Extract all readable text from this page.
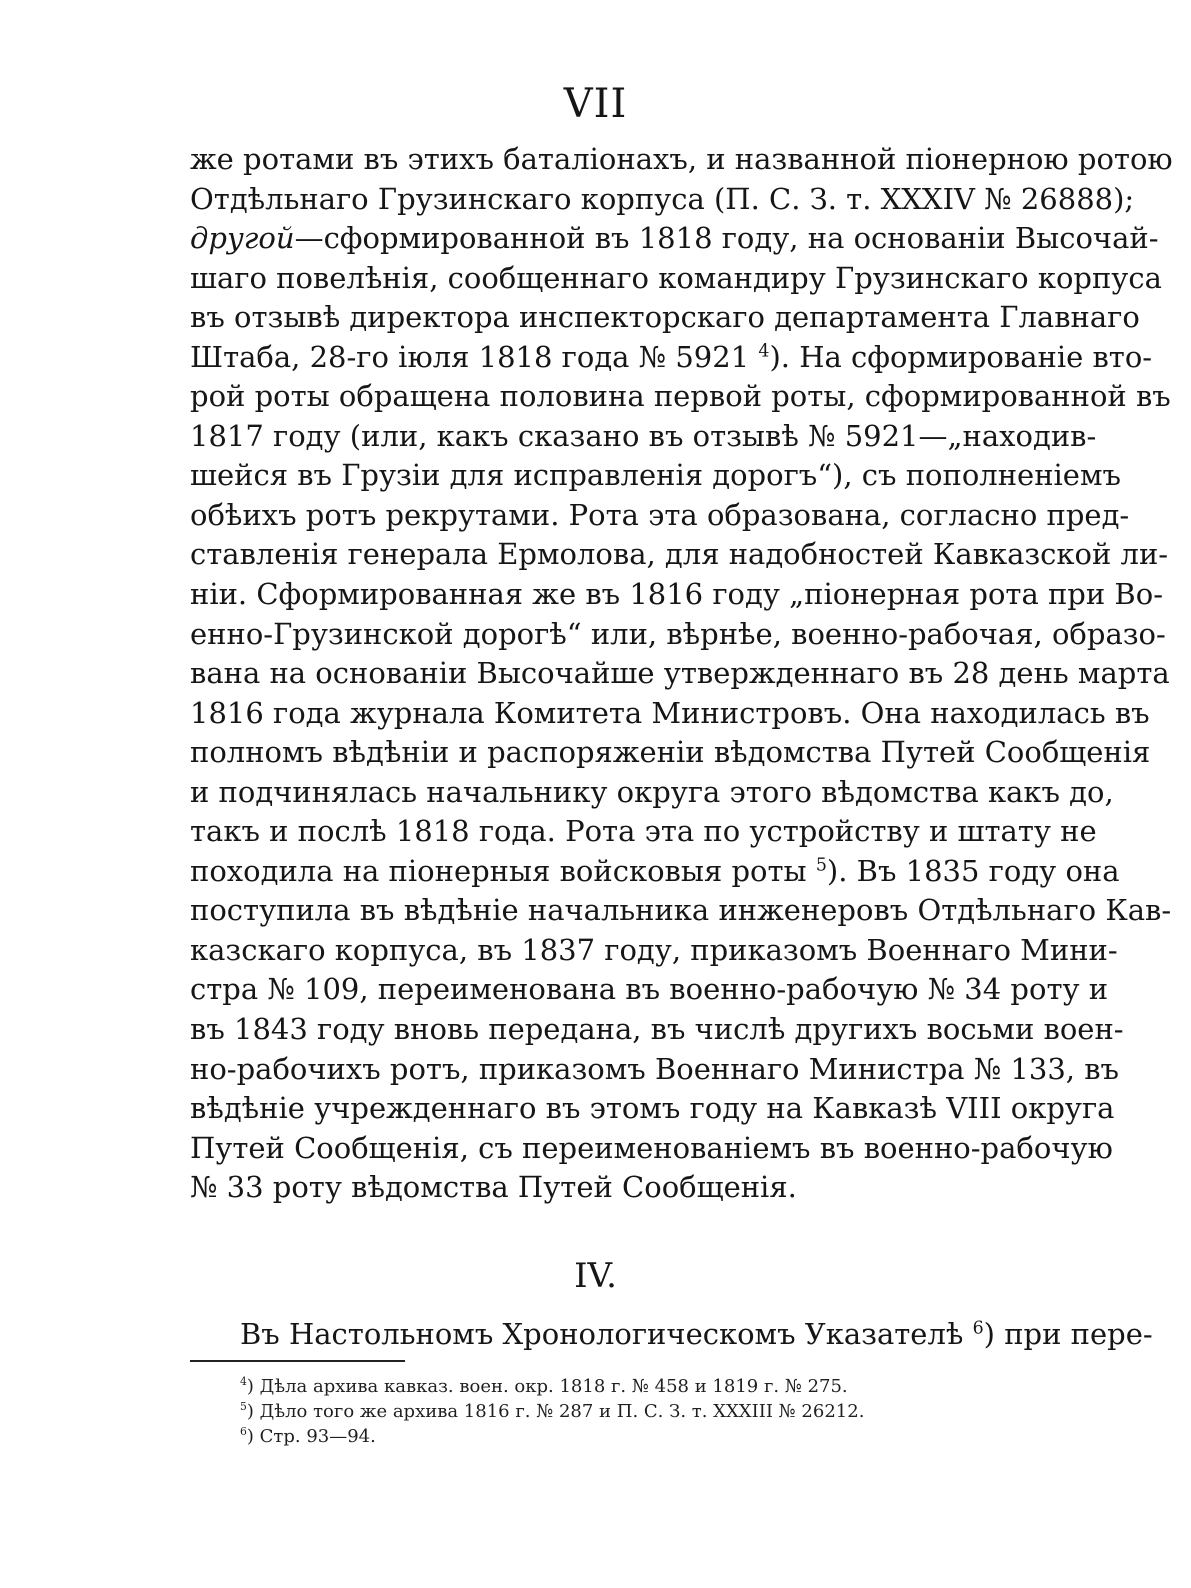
VII
же ротами въ этихъ баталіонахъ, и названной піонерною ротою
Отдѣльнаго Грузинскаго корпуса (П. С. З. т. XXXIV № 26888);
другой—сформированной въ 1818 году, на основаніи Высочай-
шаго повелѣнія, сообщеннаго командиру Грузинскаго корпуса
въ отзывѣ директора инспекторскаго департамента Главнаго
Штаба, 28-го іюля 1818 года № 5921 $^4$). На сформированіе вто-
рой роты обращена половина первой роты, сформированной въ
1817 году (или, какъ сказано въ отзывѣ № 5921—„находив-
шейся въ Грузіи для исправленія дорогъ“), съ пополненіемъ
обѣихъ ротъ рекрутами. Рота эта образована, согласно пред-
ставленія генерала Ермолова, для надобностей Кавказской ли-
ніи. Сформированная же въ 1816 году „піонерная рота при Во-
енно-Грузинской дорогѣ“ или, вѣрнѣе, военно-рабочая, образо-
вана на основаніи Высочайше утвержденнаго въ 28 день марта
1816 года журнала Комитета Министровъ. Она находилась въ
полномъ вѣдѣніи и распоряженіи вѣдомства Путей Сообщенія
и подчинялась начальнику округа этого вѣдомства какъ до,
такъ и послѣ 1818 года. Рота эта по устройству и штату не
походила на піонерныя войсковыя роты $^5$). Въ 1835 году она
поступила въ вѣдѣніе начальника инженеровъ Отдѣльнаго Кав-
казскаго корпуса, въ 1837 году, приказомъ Военнаго Мини-
стра № 109, переименована въ военно-рабочую № 34 роту и
въ 1843 году вновь передана, въ числѣ другихъ восьми воен-
но-рабочихъ ротъ, приказомъ Военнаго Министра № 133, въ
вѣдѣніе учрежденнаго въ этомъ году на Кавказѣ VIII округа
Путей Сообщенія, съ переименованіемъ въ военно-рабочую
№ 33 роту вѣдомства Путей Сообщенія.
IV.
Въ Настольномъ Хронологическомъ Указателѣ $^6$) при пере-
$^4$) Дѣла архива кавказ. воен. окр. 1818 г. № 458 и 1819 г. № 275.
$^5$) Дѣло того же архива 1816 г. № 287 и П. С. З. т. XXXIII № 26212.
$^6$) Стр. 93—94.
